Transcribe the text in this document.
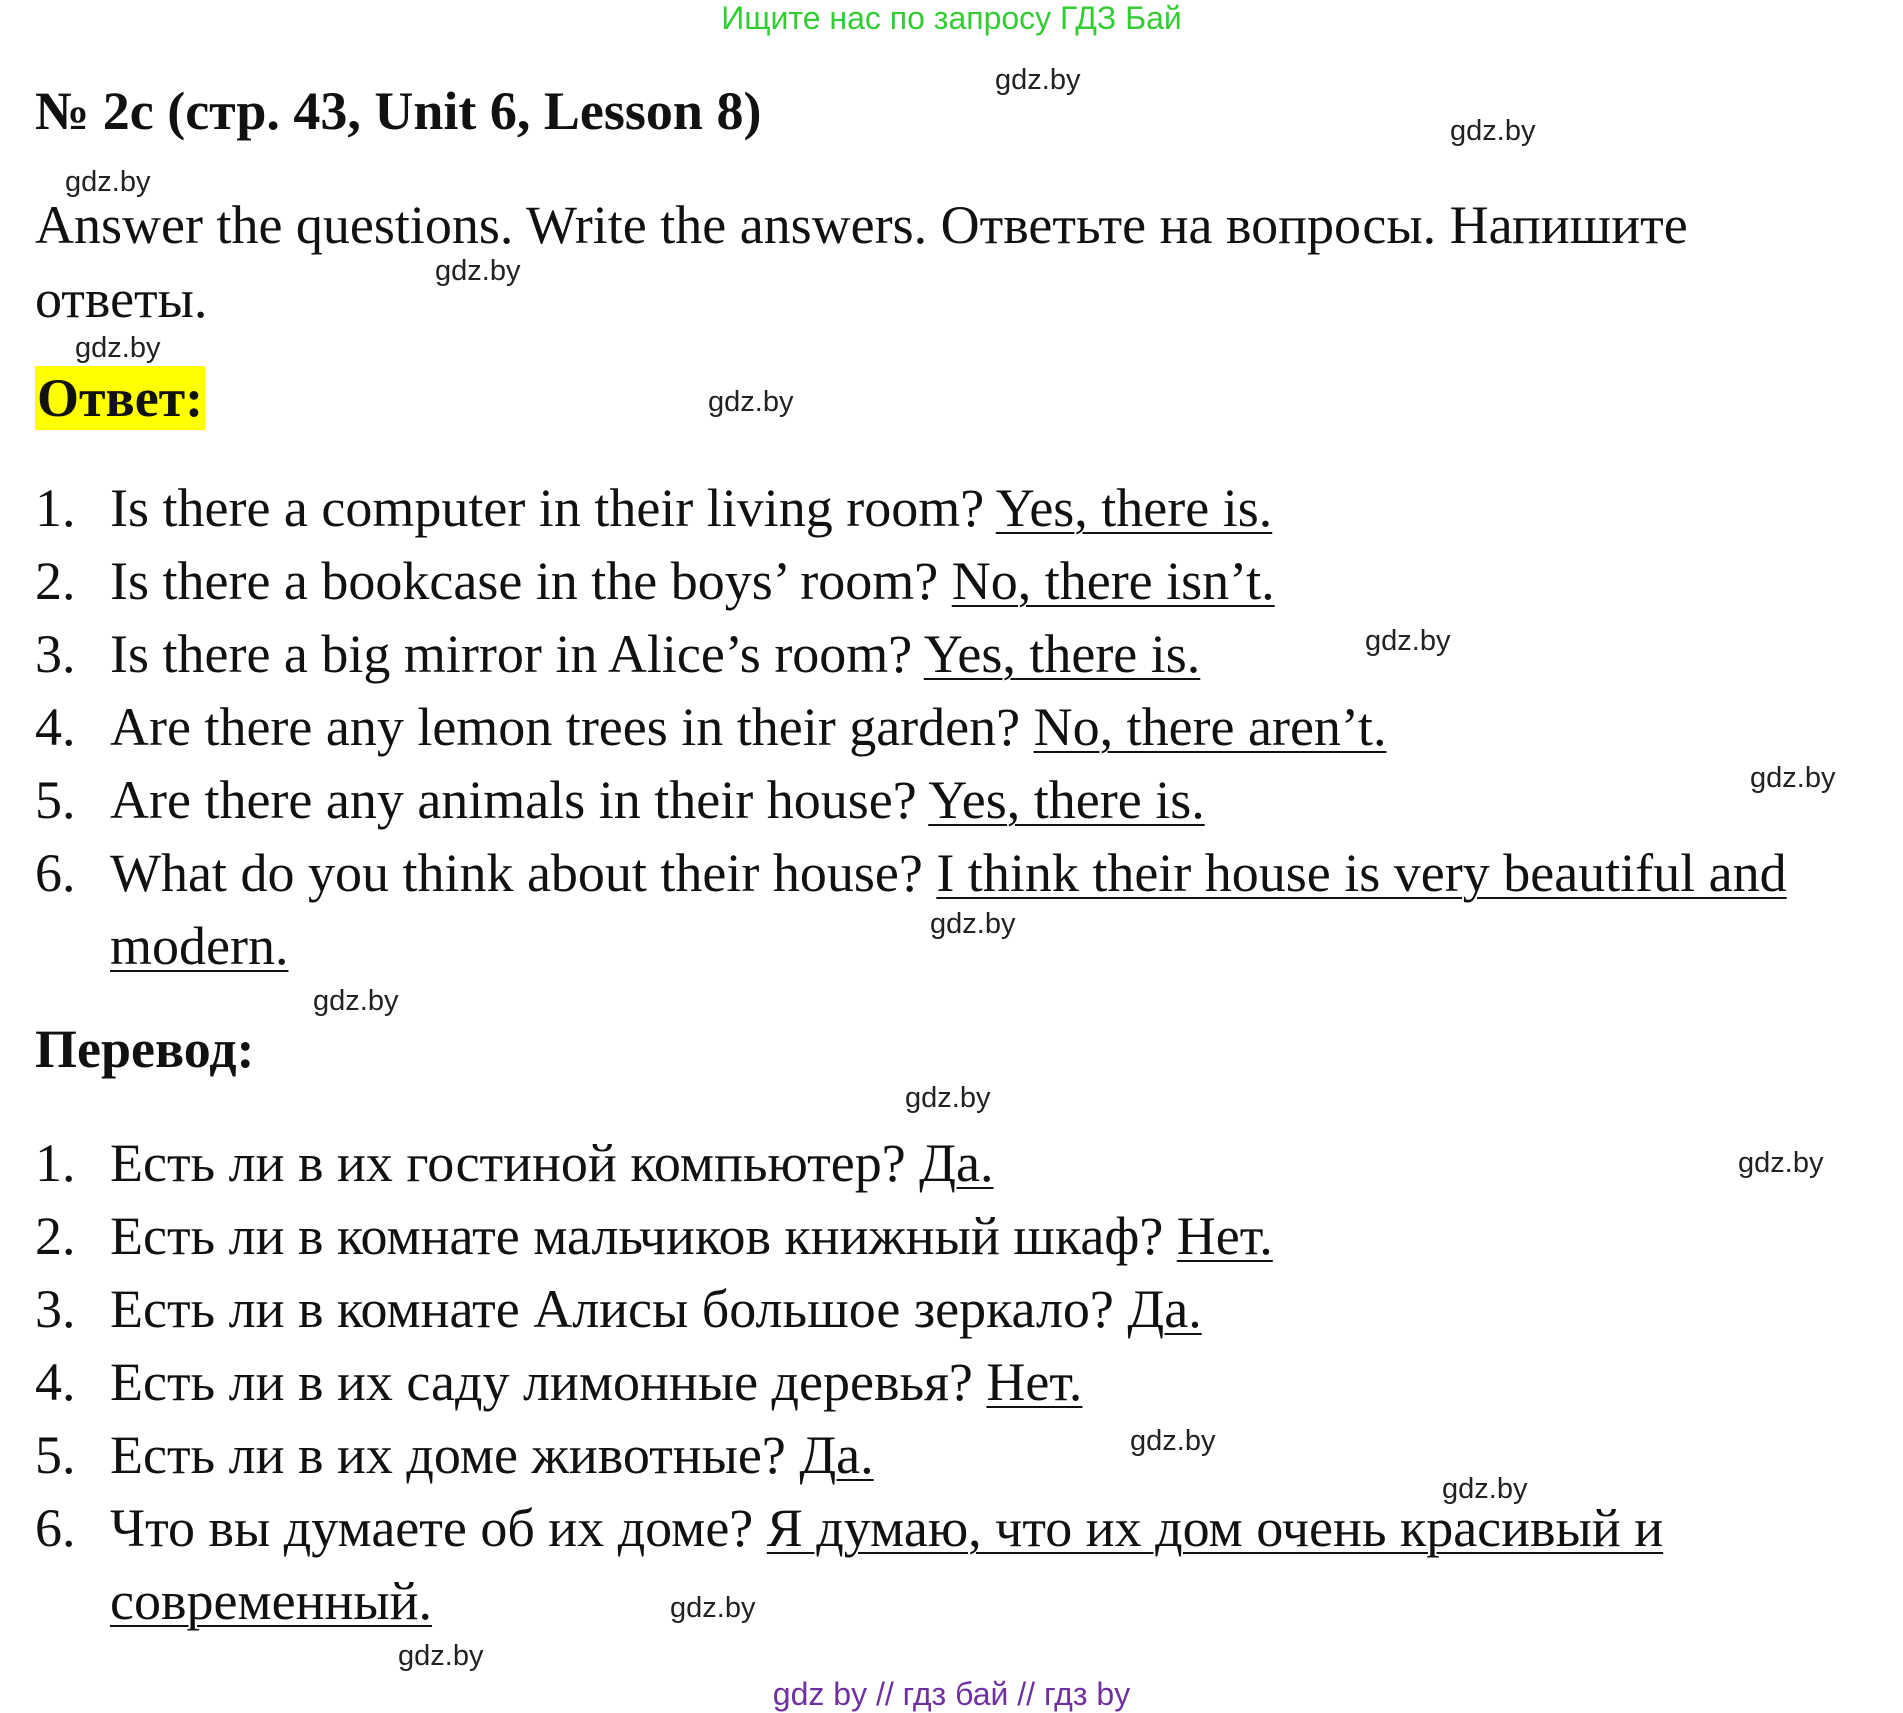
Ищите нас по запросу ГДЗ Бай
№ 2с (стр. 43, Unit 6, Lesson 8)
Answer the questions. Write the answers. Ответьте на вопросы. Напишите ответы.
Ответ:
1. Is there a computer in their living room? Yes, there is.
2. Is there a bookcase in the boys’ room? No, there isn’t.
3. Is there a big mirror in Alice’s room? Yes, there is.
4. Are there any lemon trees in their garden? No, there aren’t.
5. Are there any animals in their house? Yes, there is.
6. What do you think about their house? I think their house is very beautiful and modern.
Перевод:
1. Есть ли в их гостиной компьютер? Да.
2. Есть ли в комнате мальчиков книжный шкаф? Нет.
3. Есть ли в комнате Алисы большое зеркало? Да.
4. Есть ли в их саду лимонные деревья? Нет.
5. Есть ли в их доме животные? Да.
6. Что вы думаете об их доме? Я думаю, что их дом очень красивый и современный.
gdz.by
gdz.by
gdz.by
gdz.by
gdz.by
gdz.by
gdz.by
gdz.by
gdz.by
gdz.by
gdz.by
gdz.by
gdz.by
gdz.by
gdz.by
gdz.by
gdz by // гдз бай // гдз by
